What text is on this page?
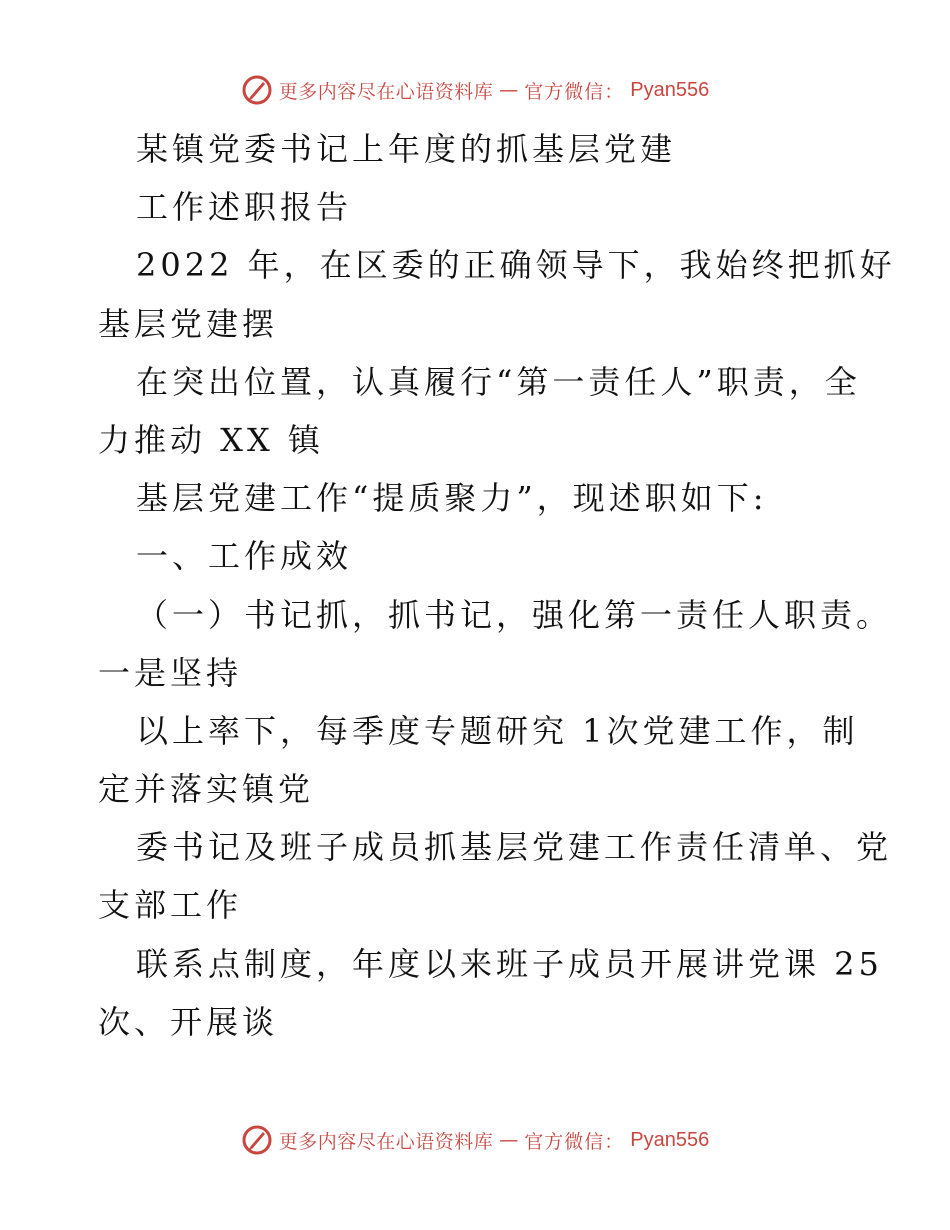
更多内容尽在心语资料库 — 官方微信： Pyan556
某镇党委书记上年度的抓基层党建
工作述职报告
2022 年，在区委的正确领导下，我始终把抓好
基层党建摆
在突出位置，认真履行“第一责任人”职责，全
力推动 XX 镇
基层党建工作“提质聚力”，现述职如下:
一、工作成效
（一）书记抓，抓书记，强化第一责任人职责。
一是坚持
以上率下，每季度专题研究 1次党建工作，制
定并落实镇党
委书记及班子成员抓基层党建工作责任清单、党
支部工作
联系点制度，年度以来班子成员开展讲党课 25
次、开展谈
更多内容尽在心语资料库 — 官方微信： Pyan556
